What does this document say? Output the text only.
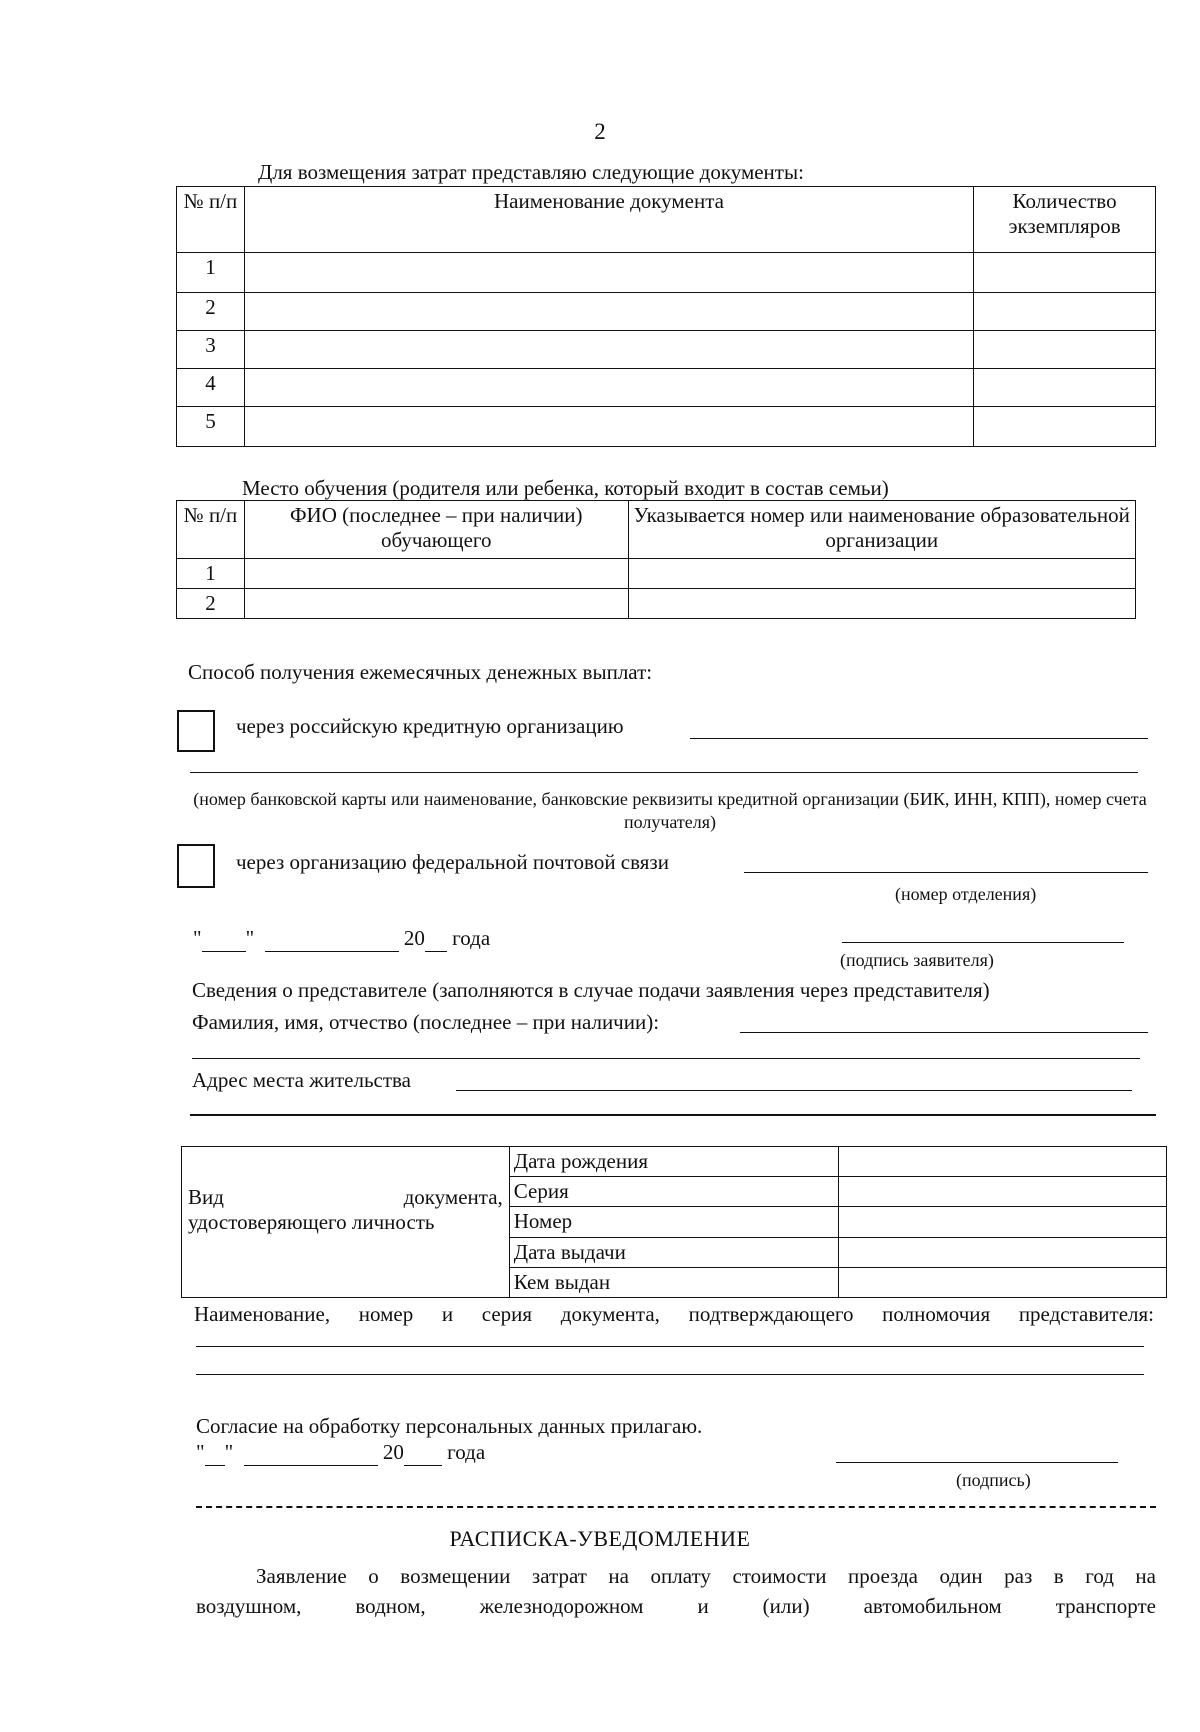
2
Для возмещения затрат представляю следующие документы:
№ п/п	Наименование документа	Количество экземпляров
1		
2		
3		
4		
5		
Место обучения (родителя или ребенка, который входит в состав семьи)
№ п/п	ФИО (последнее – при наличии) обучающего	Указывается номер или наименование образовательной организации
1		
2		
Способ получения ежемесячных денежных выплат:
через российскую кредитную организацию
(номер банковской карты или наименование, банковские реквизиты кредитной организации (БИК, ИНН, КПП), номер счета получателя)
через организацию федеральной почтовой связи
(номер отделения)
" "	20 года
(подпись заявителя)
Сведения о представителе (заполняются в случае подачи заявления через представителя)
Фамилия, имя, отчество (последнее – при наличии):
Адрес места жительства
Вид документа,
удостоверяющего личность	Дата рождения	
	Серия	
	Номер	
	Дата выдачи	
	Кем выдан	
Наименование, номер и серия документа, подтверждающего полномочия представителя:
Согласие на обработку персональных данных прилагаю.
" "	20 года
(подпись)
РАСПИСКА-УВЕДОМЛЕНИЕ
Заявление о возмещении затрат на оплату стоимости проезда один раз в год на
воздушном, водном, железнодорожном и (или) автомобильном транспорте
